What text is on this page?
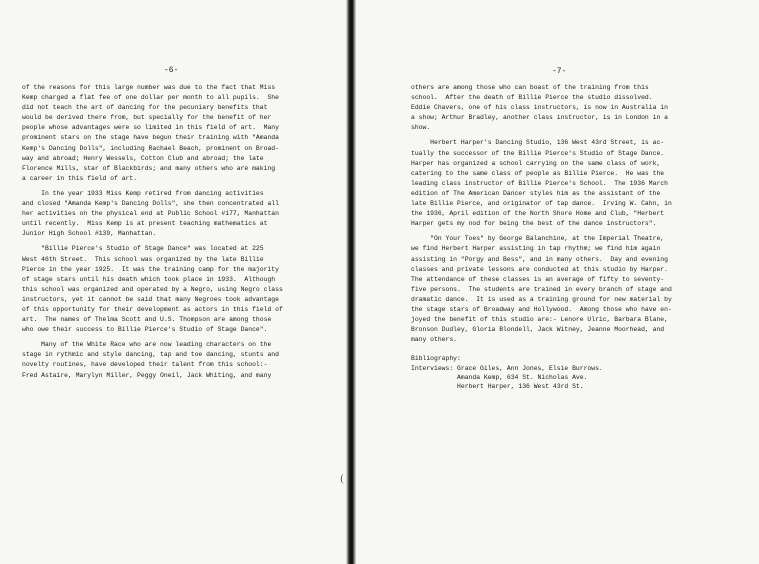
-6-

of the reasons for this large number was due to the fact that Miss
Kemp charged a flat fee of one dollar per month to all pupils.  She
did not teach the art of dancing for the pecuniary benefits that
would be derived there from, but specially for the benefit of her
people whose advantages were so limited in this field of art.  Many
prominent stars on the stage have begun their training with "Amanda
Kemp's Dancing Dolls", including Rachael Beach, prominent on Broad-
way and abroad; Henry Wessels, Cotton Club and abroad; the late
Florence Mills, star of Blackbirds; and many others who are making
a career in this field of art.
In the year 1933 Miss Kemp retired from dancing activities
and closed "Amanda Kemp's Dancing Dolls", she then concentrated all
her activities on the physical end at Public School #177, Manhattan
until recently.  Miss Kemp is at present teaching mathematics at
Junior High School #139, Manhattan.
"Billie Pierce's Studio of Stage Dance" was located at 225
West 46th Street.  This school was organized by the late Billie
Pierce in the year 1925.  It was the training camp for the majority
of stage stars until his death which took place in 1933.  Although
this school was organized and operated by a Negro, using Negro class
instructors, yet it cannot be said that many Negroes took advantage
of this opportunity for their development as actors in this field of
art.  The names of Thelma Scott and U.S. Thompson are among those
who owe their success to Billie Pierce's Studio of Stage Dance".
Many of the White Race who are now leading characters on the
stage in rythmic and style dancing, tap and toe dancing, stunts and
novelty routines, have developed their talent from this school:-
Fred Astaire, Marylyn Miller, Peggy Oneil, Jack Whiting, and many
(

-7-

others are among those who can boast of the training from this
school.  After the death of Billie Pierce the studio dissolved.
Eddie Chavers, one of his class instructors, is now in Australia in
a show; Arthur Bradley, another class instructor, is in London in a
show.
Herbert Harper's Dancing Studio, 136 West 43rd Street, is ac-
tually the successor of the Billie Pierce's Studio of Stage Dance.
Harper has organized a school carrying on the same class of work,
catering to the same class of people as Billie Pierce.  He was the
leading class instructor of Billie Pierce's School.  The 1936 March
edition of The American Dancer styles him as the assistant of the
late Billie Pierce, and originator of tap dance.  Irving W. Cahn, in
the 1936, April edition of the North Shore Home and Club, "Herbert
Harper gets my nod for being the best of the dance instructors".
"On Your Toes" by George Balanchine, at the Imperial Theatre,
we find Herbert Harper assisting in tap rhythm; we find him again
assisting in "Porgy and Bess", and in many others.  Day and evening
classes and private lessons are conducted at this studio by Harper.
The attendance of these classes is an average of fifty to seventy-
five persons.  The students are trained in every branch of stage and
dramatic dance.  It is used as a training ground for new material by
the stage stars of Broadway and Hollywood.  Among those who have en-
joyed the benefit of this studio are:- Lenore Ulric, Barbara Blane,
Bronson Dudley, Gloria Blondell, Jack Witney, Jeanne Moorhead, and
many others.
Bibliography:
Interviews: Grace Giles, Ann Jones, Elsie Burrows.
Amanda Kemp, 634 St. Nicholas Ave.
Herbert Harper, 136 West 43rd St.
